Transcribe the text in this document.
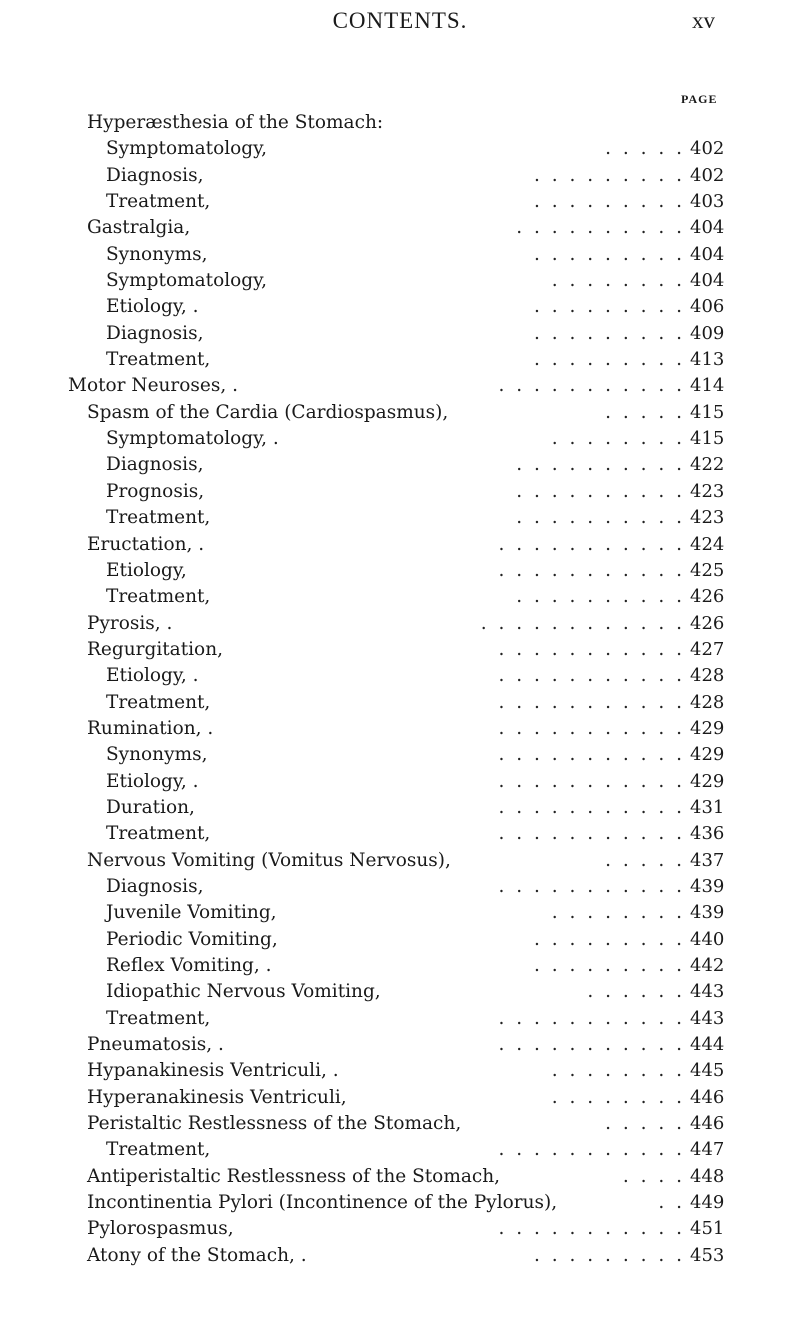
CONTENTS.	xv
PAGE
Hyperæsthesia of the Stomach:
Symptomatology,	. . . . . 402
Diagnosis,	. . . . . . . . . 402
Treatment,	. . . . . . . . . 403
Gastralgia,	. . . . . . . . . . 404
Synonyms,	. . . . . . . . . 404
Symptomatology,	. . . . . . . . 404
Etiology, .	. . . . . . . . . 406
Diagnosis,	. . . . . . . . . 409
Treatment,	. . . . . . . . . 413
Motor Neuroses, .	. . . . . . . . . . . 414
Spasm of the Cardia (Cardiospasmus),	. . . . . 415
Symptomatology, .	. . . . . . . . 415
Diagnosis,	. . . . . . . . . . 422
Prognosis,	. . . . . . . . . . 423
Treatment,	. . . . . . . . . . 423
Eructation, .	. . . . . . . . . . . 424
Etiology,	. . . . . . . . . . . 425
Treatment,	. . . . . . . . . . 426
Pyrosis, .	. . . . . . . . . . . . 426
Regurgitation,	. . . . . . . . . . . 427
Etiology, .	. . . . . . . . . . . 428
Treatment,	. . . . . . . . . . . 428
Rumination, .	. . . . . . . . . . . 429
Synonyms,	. . . . . . . . . . . 429
Etiology, .	. . . . . . . . . . . 429
Duration,	. . . . . . . . . . . 431
Treatment,	. . . . . . . . . . . 436
Nervous Vomiting (Vomitus Nervosus),	. . . . . 437
Diagnosis,	. . . . . . . . . . . 439
Juvenile Vomiting,	. . . . . . . . 439
Periodic Vomiting,	. . . . . . . . . 440
Reflex Vomiting, .	. . . . . . . . . 442
Idiopathic Nervous Vomiting,	. . . . . . 443
Treatment,	. . . . . . . . . . . 443
Pneumatosis, .	. . . . . . . . . . . 444
Hypanakinesis Ventriculi, .	. . . . . . . . 445
Hyperanakinesis Ventriculi,	. . . . . . . . 446
Peristaltic Restlessness of the Stomach,	. . . . . 446
Treatment,	. . . . . . . . . . . 447
Antiperistaltic Restlessness of the Stomach,	. . . . 448
Incontinentia Pylori (Incontinence of the Pylorus),	. . 449
Pylorospasmus,	. . . . . . . . . . . 451
Atony of the Stomach, .	. . . . . . . . . 453
